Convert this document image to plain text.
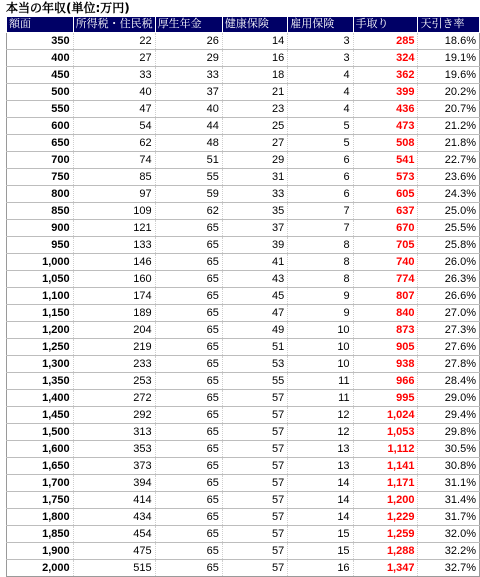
本当の年収(単位:万円)
額面	所得税・住民税	厚生年金	健康保険	雇用保険	手取り	天引き率
350	22	26	14	3	285	18.6%
400	27	29	16	3	324	19.1%
450	33	33	18	4	362	19.6%
500	40	37	21	4	399	20.2%
550	47	40	23	4	436	20.7%
600	54	44	25	5	473	21.2%
650	62	48	27	5	508	21.8%
700	74	51	29	6	541	22.7%
750	85	55	31	6	573	23.6%
800	97	59	33	6	605	24.3%
850	109	62	35	7	637	25.0%
900	121	65	37	7	670	25.5%
950	133	65	39	8	705	25.8%
1,000	146	65	41	8	740	26.0%
1,050	160	65	43	8	774	26.3%
1,100	174	65	45	9	807	26.6%
1,150	189	65	47	9	840	27.0%
1,200	204	65	49	10	873	27.3%
1,250	219	65	51	10	905	27.6%
1,300	233	65	53	10	938	27.8%
1,350	253	65	55	11	966	28.4%
1,400	272	65	57	11	995	29.0%
1,450	292	65	57	12	1,024	29.4%
1,500	313	65	57	12	1,053	29.8%
1,600	353	65	57	13	1,112	30.5%
1,650	373	65	57	13	1,141	30.8%
1,700	394	65	57	14	1,171	31.1%
1,750	414	65	57	14	1,200	31.4%
1,800	434	65	57	14	1,229	31.7%
1,850	454	65	57	15	1,259	32.0%
1,900	475	65	57	15	1,288	32.2%
2,000	515	65	57	16	1,347	32.7%
